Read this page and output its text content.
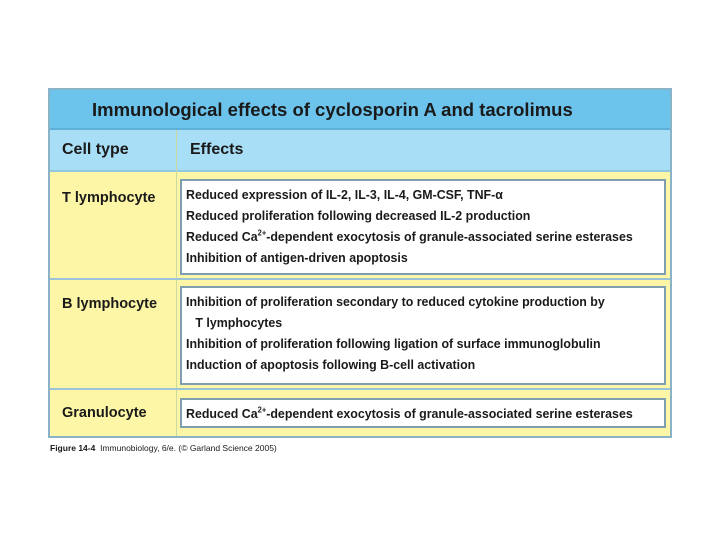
Immunological effects of cyclosporin A and tacrolimus
Cell type	Effects
T lymphocyte Reduced expression of IL-2, IL-3, IL-4, GM-CSF, TNF-α
Reduced proliferation following decreased IL-2 production
Reduced $Ca^{2+}$-dependent exocytosis of granule-associated serine esterases
Inhibition of antigen-driven apoptosis
B lymphocyte Inhibition of proliferation secondary to reduced cytokine production by
T lymphocytes
Inhibition of proliferation following ligation of surface immunoglobulin
Induction of apoptosis following B-cell activation
Granulocyte	Reduced $Ca^{2+}$-dependent exocytosis of granule-associated serine esterases
Figure 14-4 Immunobiology, 6/e. (© Garland Science 2005)
